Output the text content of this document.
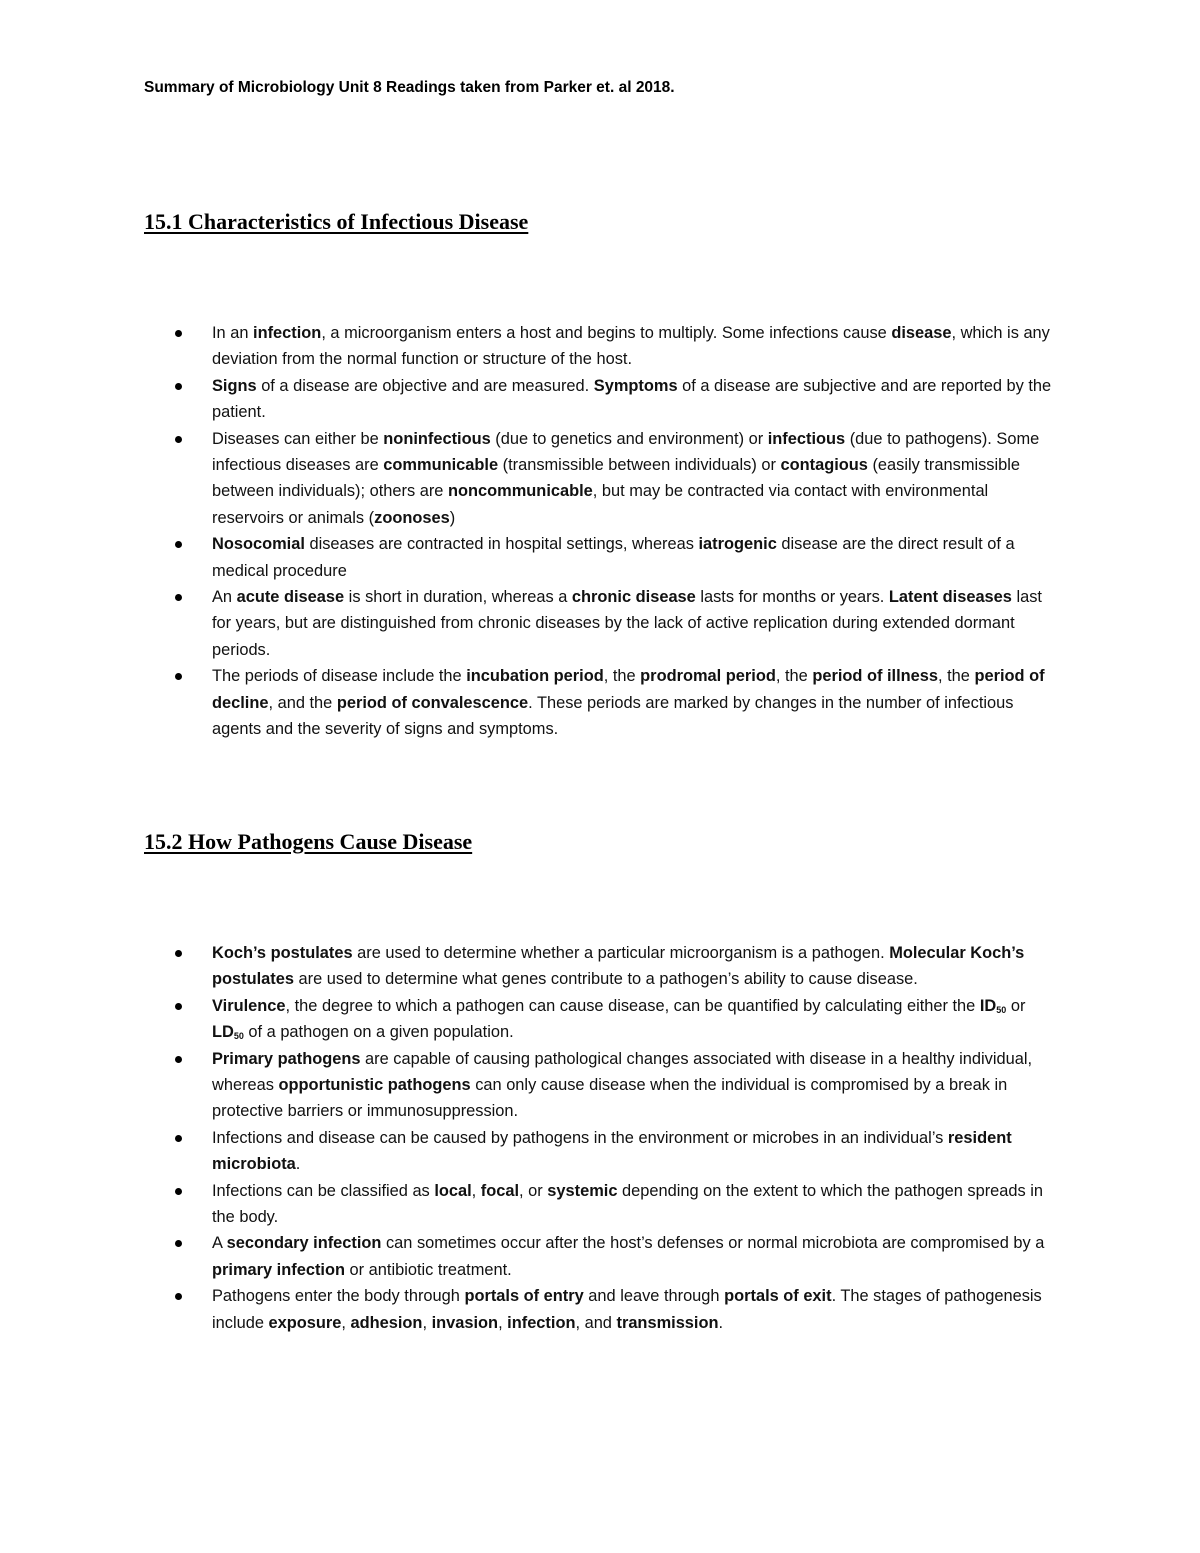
Summary of Microbiology Unit 8 Readings taken from Parker et. al 2018.
15.1 Characteristics of Infectious Disease
In an infection, a microorganism enters a host and begins to multiply. Some infections cause disease, which is any deviation from the normal function or structure of the host.
Signs of a disease are objective and are measured. Symptoms of a disease are subjective and are reported by the patient.
Diseases can either be noninfectious (due to genetics and environment) or infectious (due to pathogens). Some infectious diseases are communicable (transmissible between individuals) or contagious (easily transmissible between individuals); others are noncommunicable, but may be contracted via contact with environmental reservoirs or animals (zoonoses)
Nosocomial diseases are contracted in hospital settings, whereas iatrogenic disease are the direct result of a medical procedure
An acute disease is short in duration, whereas a chronic disease lasts for months or years. Latent diseases last for years, but are distinguished from chronic diseases by the lack of active replication during extended dormant periods.
The periods of disease include the incubation period, the prodromal period, the period of illness, the period of decline, and the period of convalescence. These periods are marked by changes in the number of infectious agents and the severity of signs and symptoms.
15.2 How Pathogens Cause Disease
Koch’s postulates are used to determine whether a particular microorganism is a pathogen. Molecular Koch’s postulates are used to determine what genes contribute to a pathogen’s ability to cause disease.
Virulence, the degree to which a pathogen can cause disease, can be quantified by calculating either the $ID_{50}$ or $LD_{50}$ of a pathogen on a given population.
Primary pathogens are capable of causing pathological changes associated with disease in a healthy individual, whereas opportunistic pathogens can only cause disease when the individual is compromised by a break in protective barriers or immunosuppression.
Infections and disease can be caused by pathogens in the environment or microbes in an individual’s resident microbiota.
Infections can be classified as local, focal, or systemic depending on the extent to which the pathogen spreads in the body.
A secondary infection can sometimes occur after the host’s defenses or normal microbiota are compromised by a primary infection or antibiotic treatment.
Pathogens enter the body through portals of entry and leave through portals of exit. The stages of pathogenesis include exposure, adhesion, invasion, infection, and transmission.
